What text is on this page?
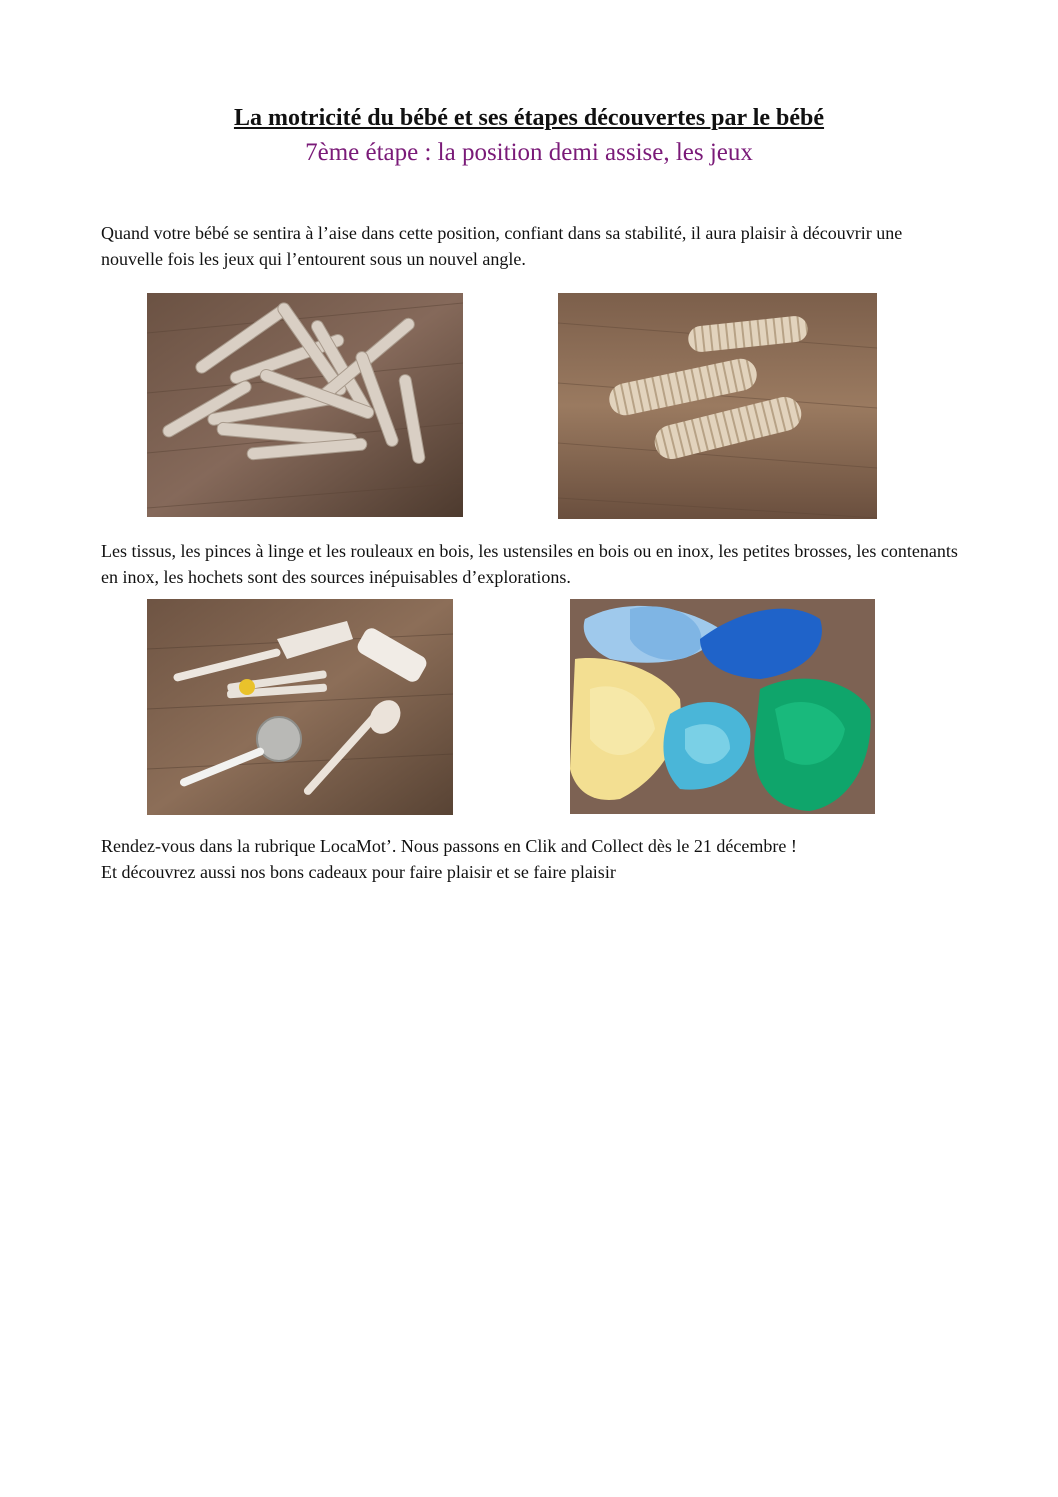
La motricité du bébé et ses étapes découvertes par le bébé
7ème étape : la position demi assise, les jeux
Quand votre bébé se sentira à l’aise dans cette position, confiant dans sa stabilité, il aura plaisir à découvrir une nouvelle fois les jeux qui l’entourent sous un nouvel angle.
Les tissus, les pinces à linge et les rouleaux en bois, les ustensiles en bois ou en inox, les petites brosses, les contenants en inox, les hochets sont des sources inépuisables d’explorations.
Rendez-vous dans la rubrique LocaMot’. Nous passons en Clik and Collect dès le 21 décembre !
Et découvrez aussi nos bons cadeaux pour faire plaisir et se faire plaisir
